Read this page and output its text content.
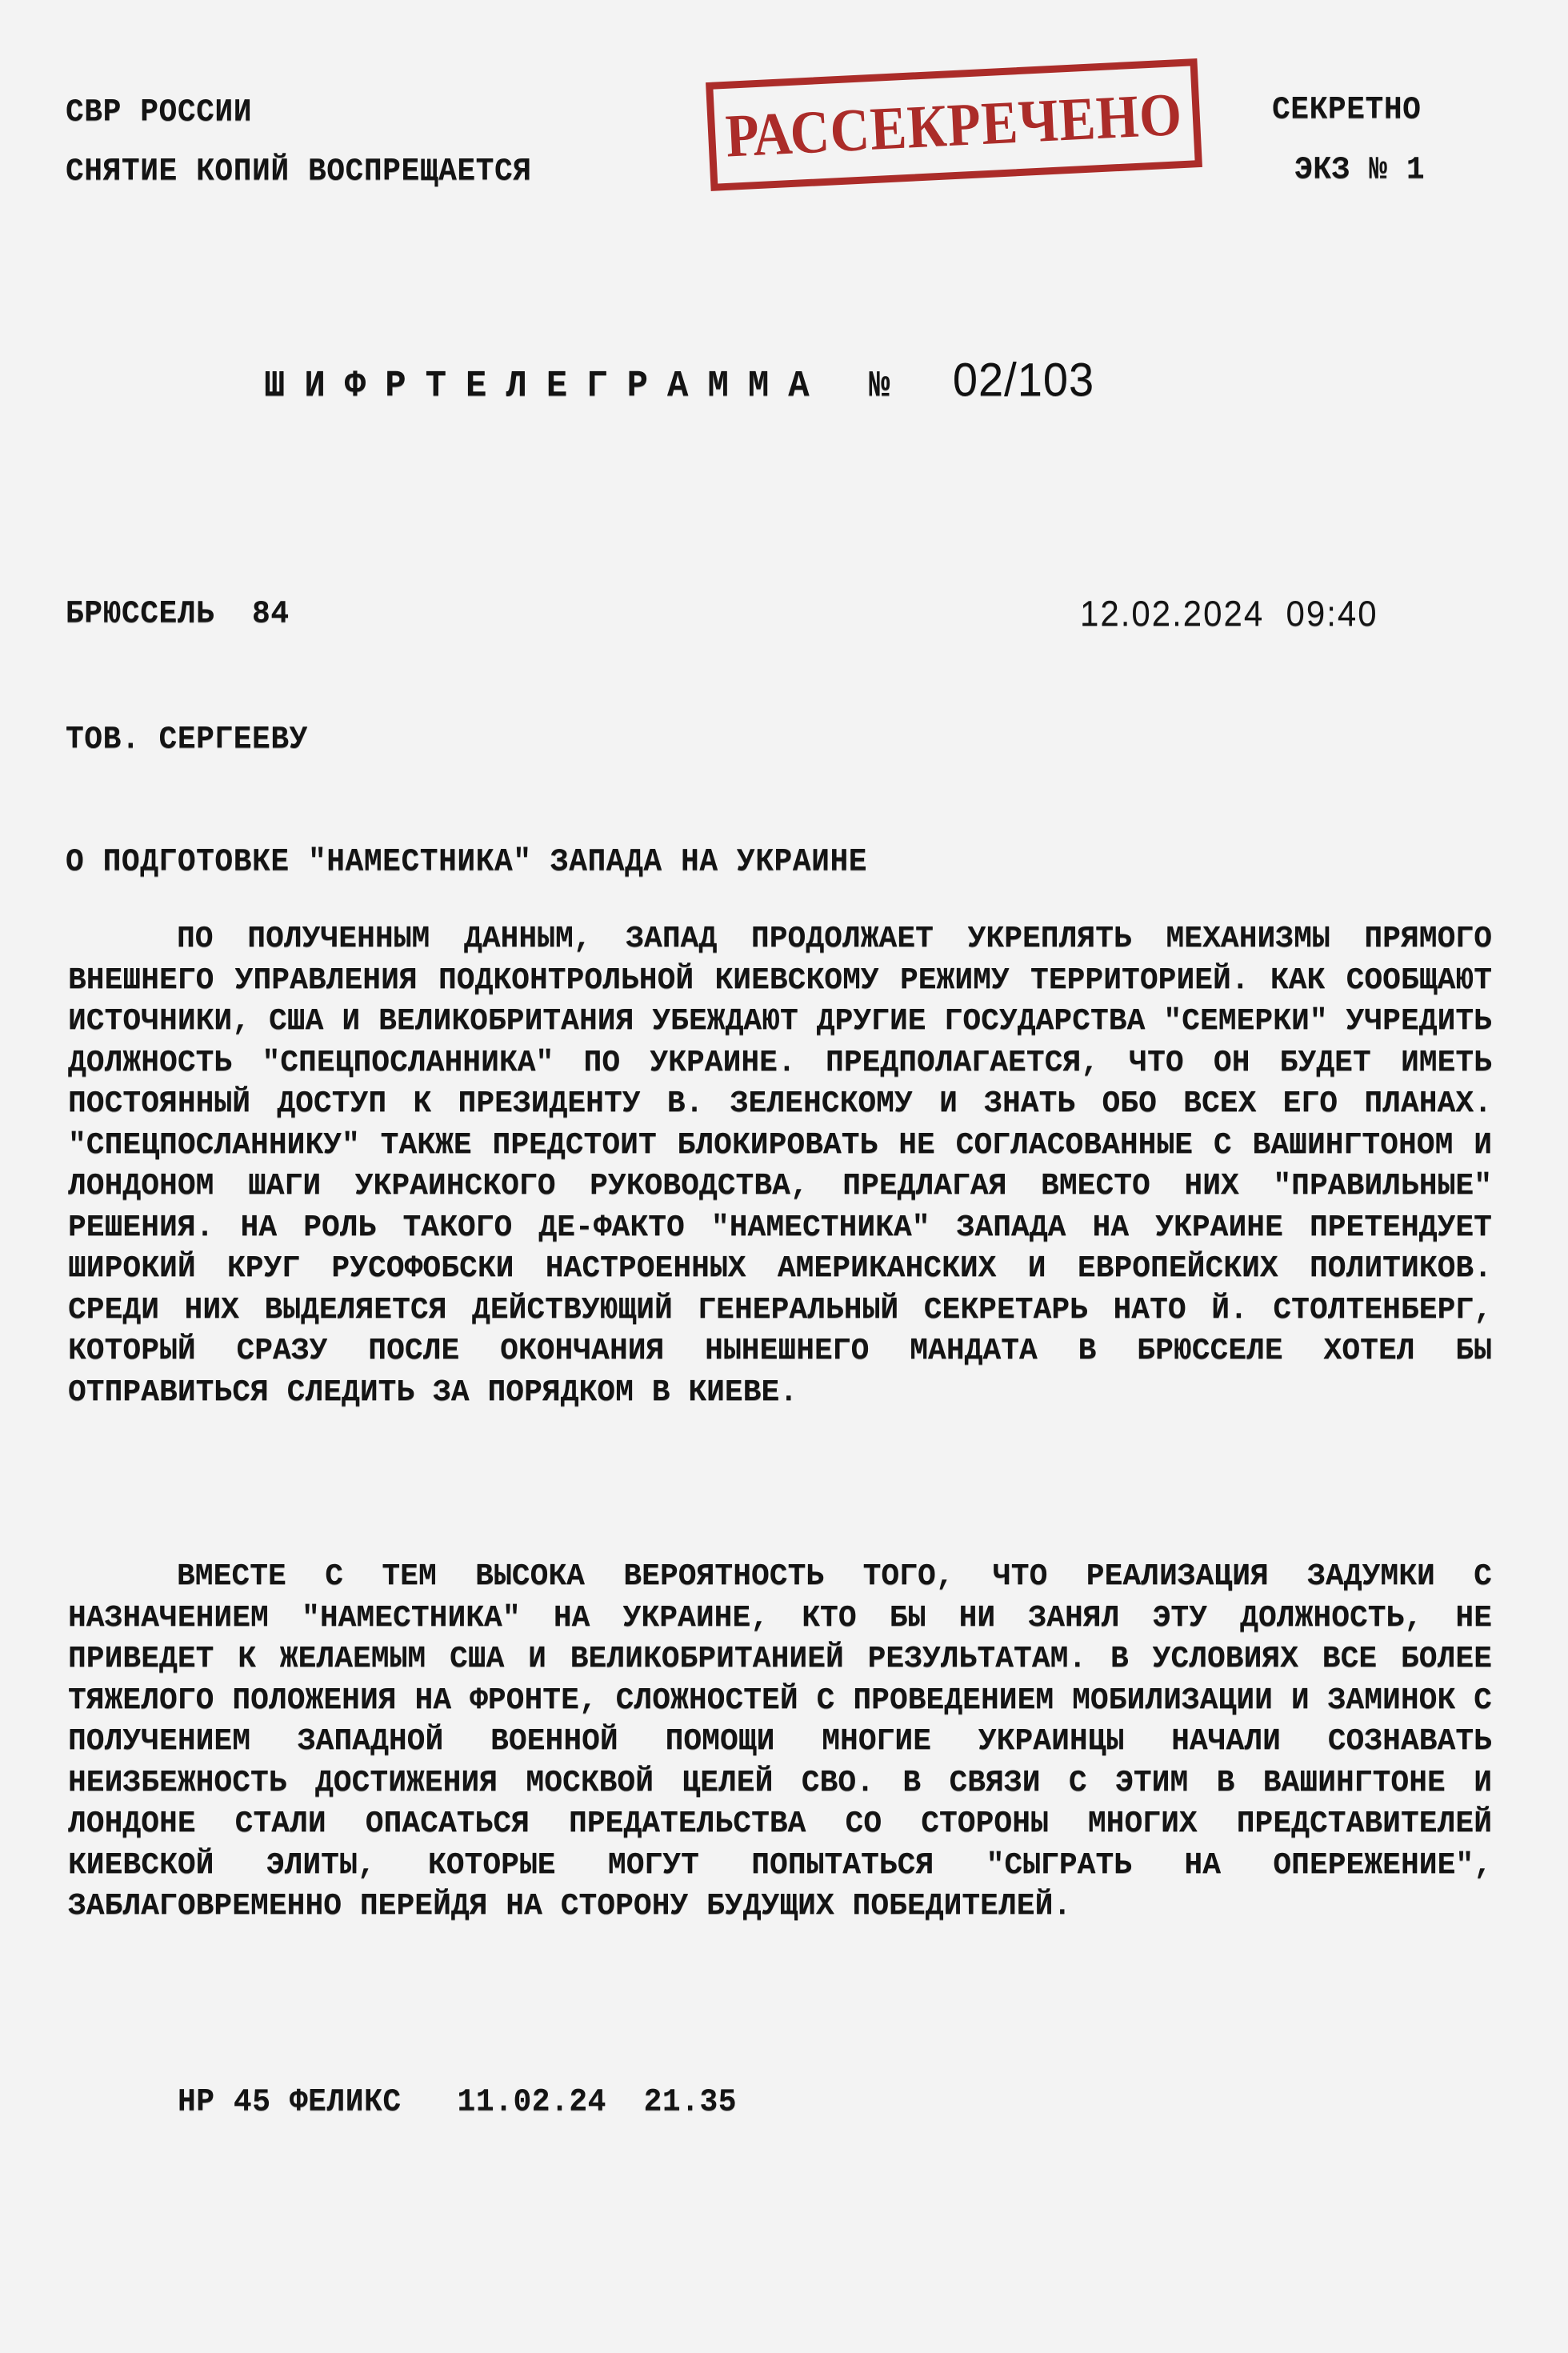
СВР РОССИИ
СНЯТИЕ КОПИЙ ВОСПРЕЩАЕТСЯ
РАССЕКРЕЧЕНО	СЕКРЕТНО
ЭКЗ № 1
ШИФРТЕЛЕГРАММА № 02/103
БРЮССЕЛЬ  84	12.02.2024  09:40
ТОВ. СЕРГЕЕВУ
О ПОДГОТОВКЕ "НАМЕСТНИКА" ЗАПАДА НА УКРАИНЕ
ПО ПОЛУЧЕННЫМ ДАННЫМ, ЗАПАД ПРОДОЛЖАЕТ УКРЕПЛЯТЬ МЕХАНИЗМЫ ПРЯМОГО ВНЕШНЕГО УПРАВЛЕНИЯ ПОДКОНТРОЛЬНОЙ КИЕВСКОМУ РЕЖИМУ ТЕРРИТОРИЕЙ. КАК СООБЩАЮТ ИСТОЧНИКИ, США И ВЕЛИКОБРИТАНИЯ УБЕЖДАЮТ ДРУГИЕ ГОСУДАРСТВА "СЕМЕРКИ" УЧРЕДИТЬ ДОЛЖНОСТЬ "СПЕЦПОСЛАННИКА" ПО УКРАИНЕ. ПРЕДПОЛАГАЕТСЯ, ЧТО ОН БУДЕТ ИМЕТЬ ПОСТОЯННЫЙ ДОСТУП К ПРЕЗИДЕНТУ В. ЗЕЛЕНСКОМУ И ЗНАТЬ ОБО ВСЕХ ЕГО ПЛАНАХ. "СПЕЦПОСЛАННИКУ" ТАКЖЕ ПРЕДСТОИТ БЛОКИРОВАТЬ НЕ СОГЛАСОВАННЫЕ С ВАШИНГТОНОМ И ЛОНДОНОМ ШАГИ УКРАИНСКОГО РУКОВОДСТВА, ПРЕДЛАГАЯ ВМЕСТО НИХ "ПРАВИЛЬНЫЕ" РЕШЕНИЯ. НА РОЛЬ ТАКОГО ДЕ-ФАКТО "НАМЕСТНИКА" ЗАПАДА НА УКРАИНЕ ПРЕТЕНДУЕТ ШИРОКИЙ КРУГ РУСОФОБСКИ НАСТРОЕННЫХ АМЕРИКАНСКИХ И ЕВРОПЕЙСКИХ ПОЛИТИКОВ. СРЕДИ НИХ ВЫДЕЛЯЕТСЯ ДЕЙСТВУЮЩИЙ ГЕНЕРАЛЬНЫЙ СЕКРЕТАРЬ НАТО Й. СТОЛТЕНБЕРГ, КОТОРЫЙ СРАЗУ ПОСЛЕ ОКОНЧАНИЯ НЫНЕШНЕГО МАНДАТА В БРЮССЕЛЕ ХОТЕЛ БЫ ОТПРАВИТЬСЯ СЛЕДИТЬ ЗА ПОРЯДКОМ В КИЕВЕ.
ВМЕСТЕ С ТЕМ ВЫСОКА ВЕРОЯТНОСТЬ ТОГО, ЧТО РЕАЛИЗАЦИЯ ЗАДУМКИ С НАЗНАЧЕНИЕМ "НАМЕСТНИКА" НА УКРАИНЕ, КТО БЫ НИ ЗАНЯЛ ЭТУ ДОЛЖНОСТЬ, НЕ ПРИВЕДЕТ К ЖЕЛАЕМЫМ США И ВЕЛИКОБРИТАНИЕЙ РЕЗУЛЬТАТАМ. В УСЛОВИЯХ ВСЕ БОЛЕЕ ТЯЖЕЛОГО ПОЛОЖЕНИЯ НА ФРОНТЕ, СЛОЖНОСТЕЙ С ПРОВЕДЕНИЕМ МОБИЛИЗАЦИИ И ЗАМИНОК С ПОЛУЧЕНИЕМ ЗАПАДНОЙ ВОЕННОЙ ПОМОЩИ МНОГИЕ УКРАИНЦЫ НАЧАЛИ СОЗНАВАТЬ НЕИЗБЕЖНОСТЬ ДОСТИЖЕНИЯ МОСКВОЙ ЦЕЛЕЙ СВО. В СВЯЗИ С ЭТИМ В ВАШИНГТОНЕ И ЛОНДОНЕ СТАЛИ ОПАСАТЬСЯ ПРЕДАТЕЛЬСТВА СО СТОРОНЫ МНОГИХ ПРЕДСТАВИТЕЛЕЙ КИЕВСКОЙ ЭЛИТЫ, КОТОРЫЕ МОГУТ ПОПЫТАТЬСЯ "СЫГРАТЬ НА ОПЕРЕЖЕНИЕ", ЗАБЛАГОВРЕМЕННО ПЕРЕЙДЯ НА СТОРОНУ БУДУЩИХ ПОБЕДИТЕЛЕЙ.
НР 45 ФЕЛИКС   11.02.24  21.35
